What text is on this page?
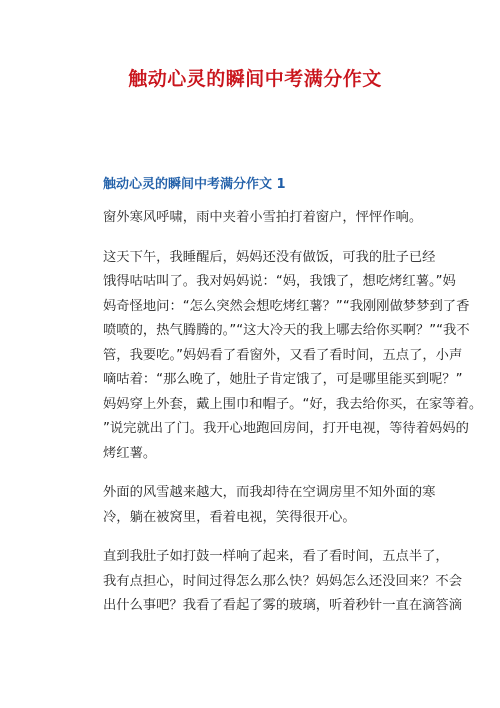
触动心灵的瞬间中考满分作文
触动心灵的瞬间中考满分作文 1

窗外寒风呼啸，雨中夹着小雪拍打着窗户，怦怦作响。

这天下午，我睡醒后，妈妈还没有做饭，可我的肚子已经
饿得咕咕叫了。我对妈妈说：“妈，我饿了，想吃烤红薯。”妈
妈奇怪地问：“怎么突然会想吃烤红薯？”“我刚刚做梦梦到了香
喷喷的，热气腾腾的。”“这大冷天的我上哪去给你买啊？”“我不
管，我要吃。”妈妈看了看窗外，又看了看时间，五点了，小声
嘀咕着：“那么晚了，她肚子肯定饿了，可是哪里能买到呢？”
妈妈穿上外套，戴上围巾和帽子。“好，我去给你买，在家等着。
”说完就出了门。我开心地跑回房间，打开电视，等待着妈妈的
烤红薯。

外面的风雪越来越大，而我却待在空调房里不知外面的寒
冷，躺在被窝里，看着电视，笑得很开心。

直到我肚子如打鼓一样响了起来，看了看时间，五点半了，
我有点担心，时间过得怎么那么快？妈妈怎么还没回来？不会
出什么事吧？我看了看起了雾的玻璃，听着秒针一直在滴答滴
